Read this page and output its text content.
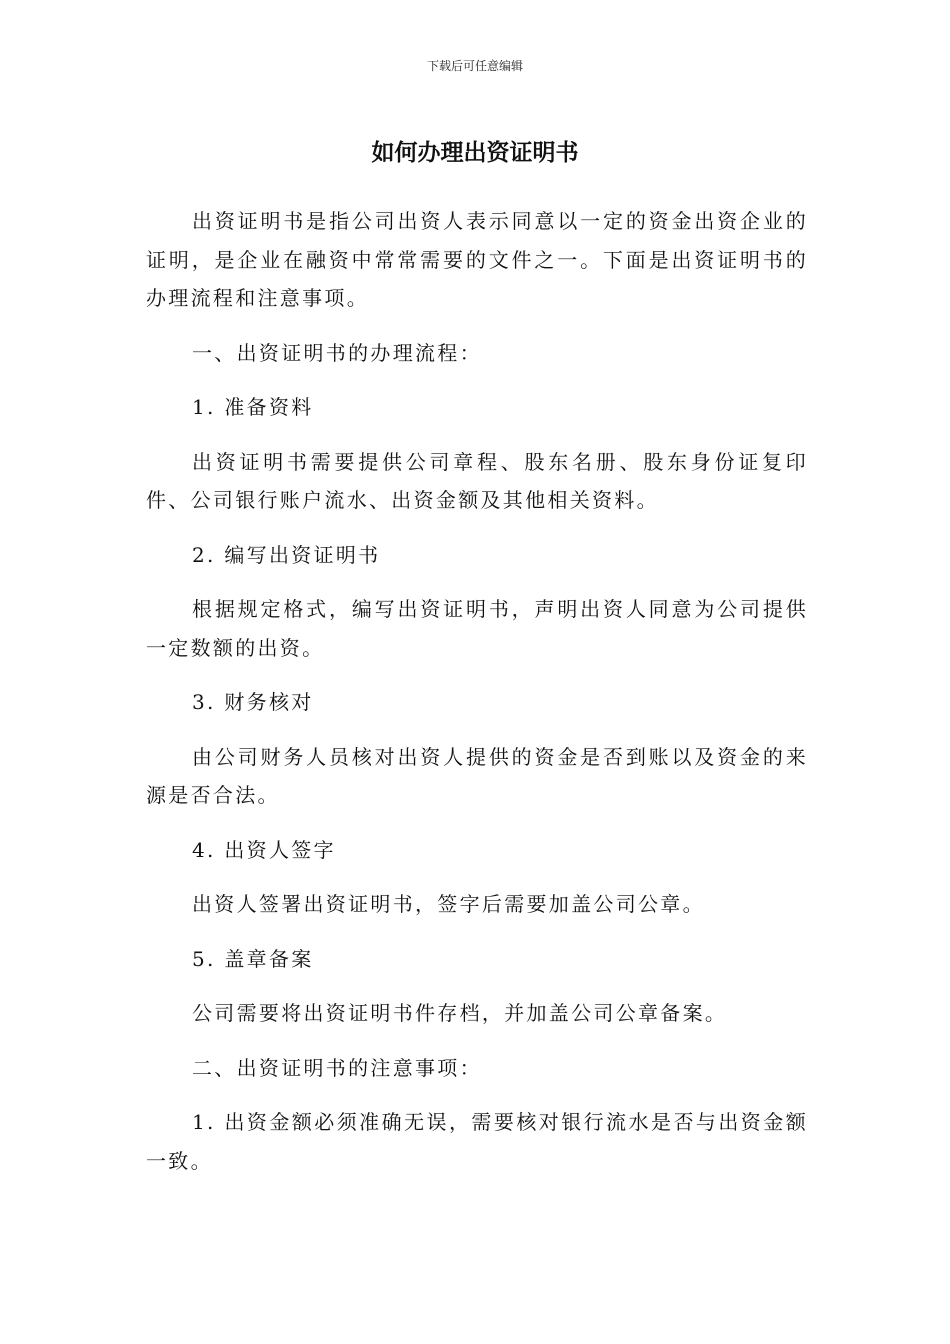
下载后可任意编辑
如何办理出资证明书

出资证明书是指公司出资人表示同意以一定的资金出资企业的证明，是企业在融资中常常需要的文件之一。下面是出资证明书的办理流程和注意事项。

一、出资证明书的办理流程：

1. 准备资料

出资证明书需要提供公司章程、股东名册、股东身份证复印件、公司银行账户流水、出资金额及其他相关资料。

2. 编写出资证明书

根据规定格式，编写出资证明书，声明出资人同意为公司提供一定数额的出资。

3. 财务核对

由公司财务人员核对出资人提供的资金是否到账以及资金的来源是否合法。

4. 出资人签字

出资人签署出资证明书，签字后需要加盖公司公章。

5. 盖章备案

公司需要将出资证明书件存档，并加盖公司公章备案。

二、出资证明书的注意事项：

1. 出资金额必须准确无误，需要核对银行流水是否与出资金额一致。
